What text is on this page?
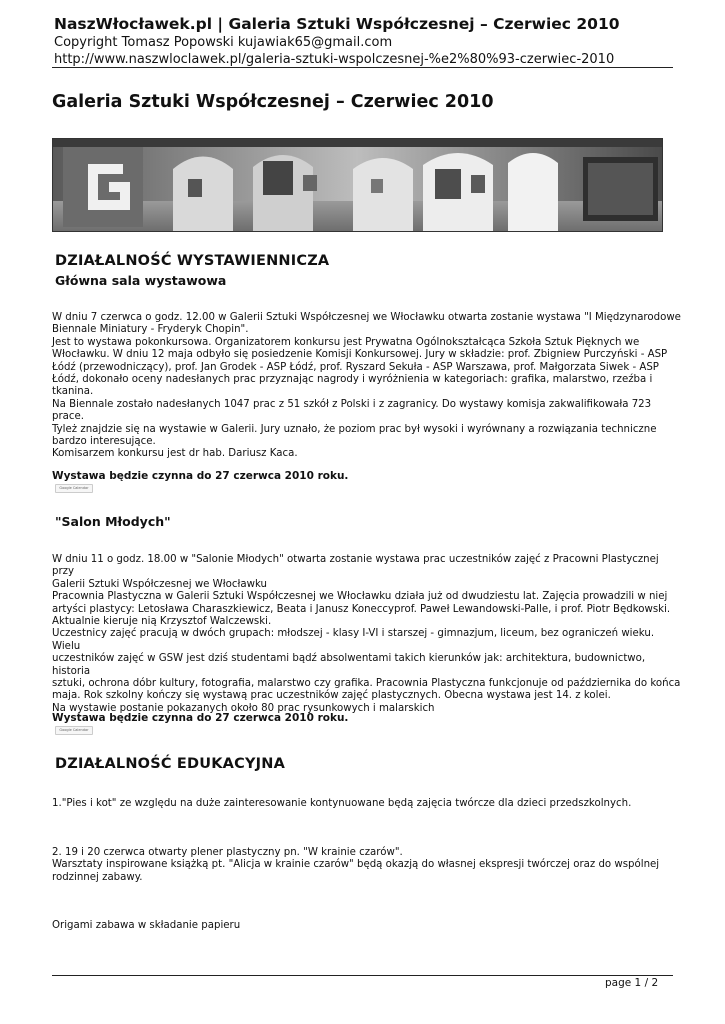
NaszWłocławek.pl | Galeria Sztuki Współczesnej – Czerwiec 2010
Copyright Tomasz Popowski kujawiak65@gmail.com
http://www.naszwloclawek.pl/galeria-sztuki-wspolczesnej-%e2%80%93-czerwiec-2010
Galeria Sztuki Współczesnej – Czerwiec 2010
DZIAŁALNOŚĆ WYSTAWIENNICZA
Główna sala wystawowa
W dniu 7 czerwca o godz. 12.00 w Galerii Sztuki Współczesnej we Włocławku otwarta zostanie wystawa "I Międzynarodowe
Biennale Miniatury - Fryderyk Chopin".
Jest to wystawa pokonkursowa. Organizatorem konkursu jest Prywatna Ogólnokształcąca Szkoła Sztuk Pięknych we
Włocławku. W dniu 12 maja odbyło się posiedzenie Komisji Konkursowej. Jury w składzie: prof. Zbigniew Purczyński - ASP
Łódź (przewodniczący), prof. Jan Grodek - ASP Łódź, prof. Ryszard Sekuła - ASP Warszawa, prof. Małgorzata Siwek - ASP
Łódź, dokonało oceny nadesłanych prac przyznając nagrody i wyróżnienia w kategoriach: grafika, malarstwo, rzeźba i tkanina.
Na Biennale zostało nadesłanych 1047 prac z 51 szkół z Polski i z zagranicy. Do wystawy komisja zakwalifikowała 723 prace.
Tyleż znajdzie się na wystawie w Galerii. Jury uznało, że poziom prac był wysoki i wyrównany a rozwiązania techniczne
bardzo interesujące.
Komisarzem konkursu jest dr hab. Dariusz Kaca.
Wystawa będzie czynna do 27 czerwca 2010 roku.
Google Calendar
"Salon Młodych"
W dniu 11 o godz. 18.00 w "Salonie Młodych" otwarta zostanie wystawa prac uczestników zajęć z Pracowni Plastycznej przy
Galerii Sztuki Współczesnej we Włocławku
Pracownia Plastyczna w Galerii Sztuki Współczesnej we Włocławku działa już od dwudziestu lat. Zajęcia prowadzili w niej
artyści plastycy: Letosława Charaszkiewicz, Beata i Janusz Koneccyprof. Paweł Lewandowski-Palle, i prof. Piotr Będkowski.
Aktualnie kieruje nią Krzysztof Walczewski.
Uczestnicy zajęć pracują w dwóch grupach: młodszej - klasy I-VI i starszej - gimnazjum, liceum, bez ograniczeń wieku. Wielu
uczestników zajęć w GSW jest dziś studentami bądź absolwentami takich kierunków jak: architektura, budownictwo, historia
sztuki, ochrona dóbr kultury, fotografia, malarstwo czy grafika. Pracownia Plastyczna funkcjonuje od października do końca
maja. Rok szkolny kończy się wystawą prac uczestników zajęć plastycznych. Obecna wystawa jest 14. z kolei.
Na wystawie postanie pokazanych około 80 prac rysunkowych i malarskich
Wystawa będzie czynna do 27 czerwca 2010 roku.
Google Calendar
DZIAŁALNOŚĆ EDUKACYJNA
1."Pies i kot" ze względu na duże zainteresowanie kontynuowane będą zajęcia twórcze dla dzieci przedszkolnych.
2. 19 i 20 czerwca otwarty plener plastyczny pn. "W krainie czarów".
Warsztaty inspirowane książką pt. "Alicja w krainie czarów" będą okazją do własnej ekspresji twórczej oraz do wspólnej
rodzinnej zabawy.
Origami zabawa w składanie papieru
page 1 / 2
